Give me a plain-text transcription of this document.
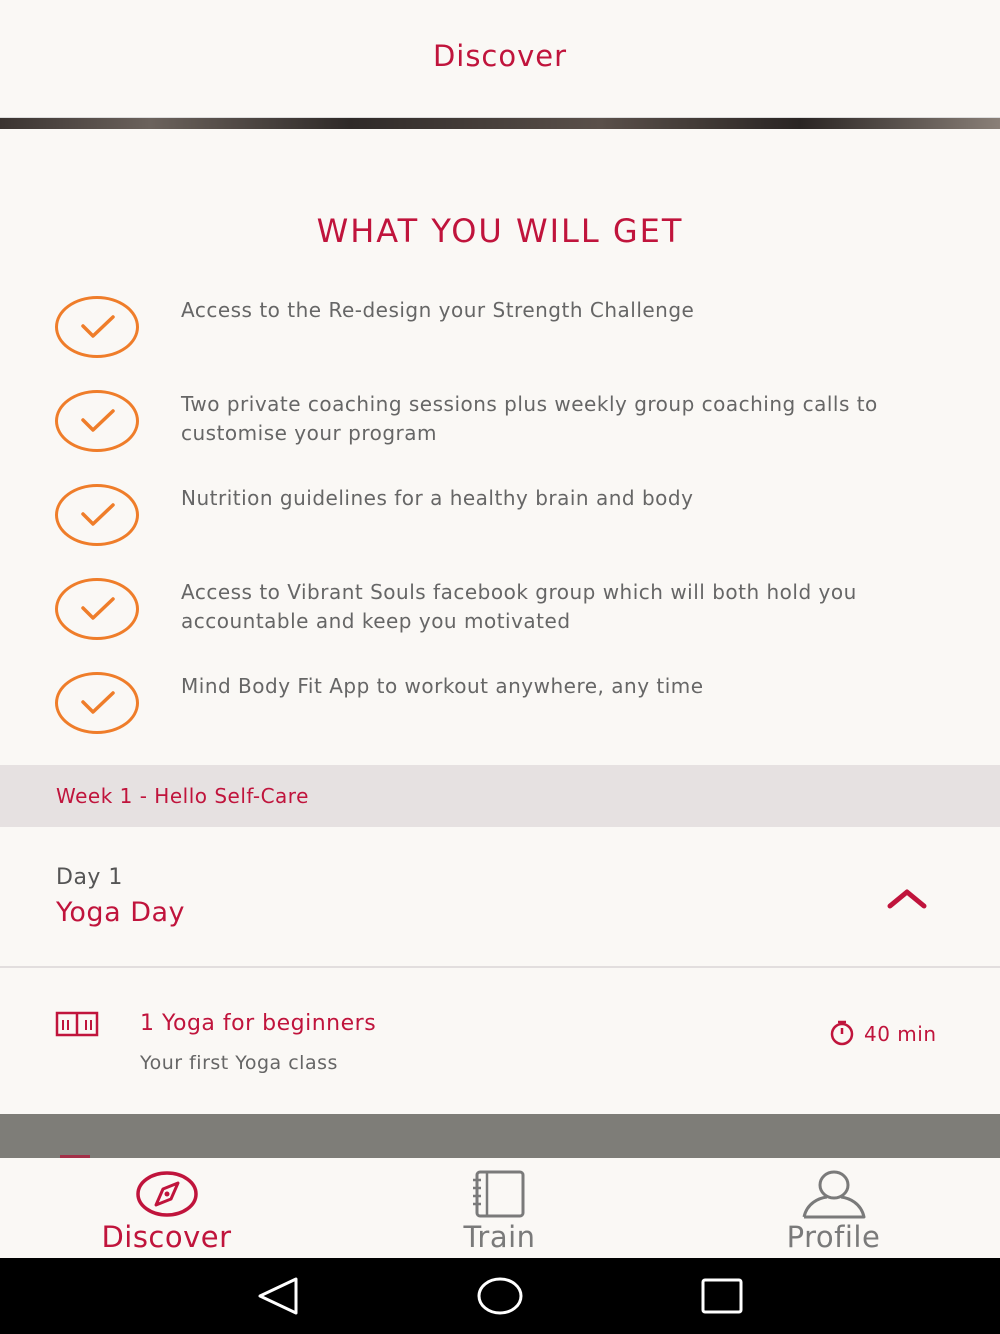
Discover
WHAT YOU WILL GET
Access to the Re-design your Strength Challenge
Two private coaching sessions plus weekly group coaching calls to customise your program
Nutrition guidelines for a healthy brain and body
Access to Vibrant Souls facebook group which will both hold you accountable and keep you motivated
Mind Body Fit App to workout anywhere, any time
Week 1 - Hello Self-Care
Day 1
Yoga Day
1 Yoga for beginners
Your first Yoga class
40 min
Discover	Train	Profile
